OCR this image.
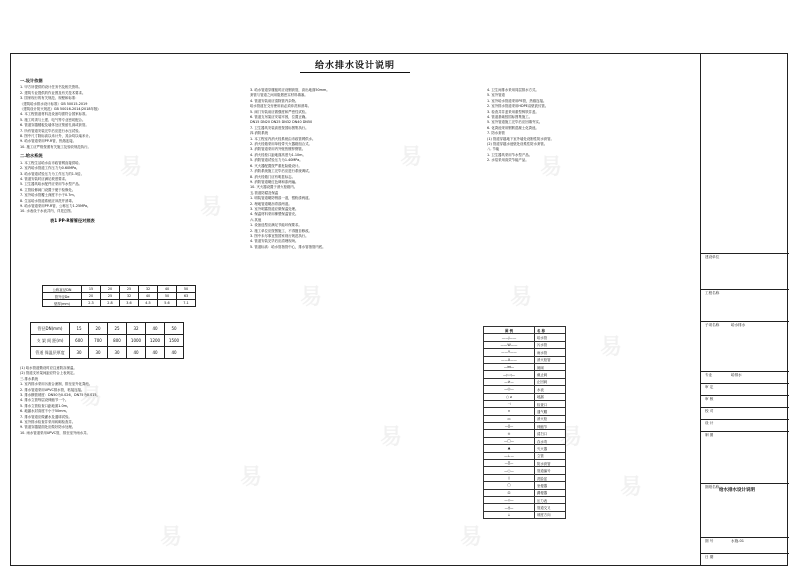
给水排水设计说明
一.设计依据
1. 甲方所提供的设计任务书及相关资料。
2. 建筑专业提供的作业图及有关技术要求。
3. 国家现行的有关规范、规程和标准：
《建筑给水排水设计标准》GB 50015-2019
《建筑设计防火规范》GB 50016-2014(2018年版)
4. 本工程管道材料及设备均需符合国家标准。
5. 施工时须与土建、电气等专业密切配合。
6. 管道穿越楼板及墙体处应预留孔洞或套管。
7. 所有管道安装完毕后应进行水压试验。
8. 图中尺寸除标高以米计外，其余均以毫米计。
9. 给水管道采用PP-R管，热熔连接。
10. 施工应严格按照有关施工及验收规范执行。
二.给水系统
1. 本工程生活给水由市政管网直接供给。
2. 室内给水管道工作压力为0.60MPa。
3. 给水管道试验压力为工作压力的1.5倍。
4. 管道安装时应满足坡度要求。
5. 卫生器具给水配件应采用节水型产品。
6. 立管检修阀门设置于便于检修处。
7. 室外给水管覆土深度不小于0.7m。
8. 生活给水管道系统应冲洗并消毒。
9. 给水管道采用PP-R管，公称压力1.25MPa。
10. 水表设于水表井内，详见总图。
表1 PP-R管管径对照表
公称直径DN	15	20	25	32	40	50
管外径De	20	25	32	40	50	63
壁厚(mm)	2.3	2.8	3.6	4.5	5.6	7.1
管径DN(mm)	15	20	25	32	40	50
支 架 间 距(m)	600	700	800	1000	1200	1500
管道 保温层厚度	30	30	30	40	40	40
(1) 给水管道敷设时应注意防冻保温。
(2) 管道支吊架间距应符合上表规定。
三.排水系统
1. 室内排水采用污废合流制，排至室外化粪池。
2. 排水管道采用UPVC排水管，粘接连接。
3. 排水横管坡度：DN50为0.026，DN75为0.015。
4. 排水立管每层设伸缩节一个。
5. 排水立管检查口距地面1.0m。
6. 地漏水封高度不小于50mm。
7. 排水管道应做灌水及通球试验。
8. 室外排水检查井采用砖砌检查井。
9. 管道穿越屋面处应做好防水处理。
10. 雨水管道采用UPVC管，排至室外雨水井。
3. 给水管道穿楼板时应设钢套管，高出地面50mm。
套管与管道之间用阻燃密实材料填塞。
4. 管道安装前应清除管内杂物。
给水管道在交付使用前必须冲洗和消毒。
5. 阀门安装前应做强度和严密性试验。
6. 管道支吊架应安装牢固，位置正确。
DN15 DN20 DN25 DN32 DN40 DN50
7. 卫生器具安装高度按国标图集执行。
四.消防系统
1. 本工程室内消火栓系统由市政管网供水。
2. 消火栓箱采用单栓带灭火器箱组合式。
3. 消防管道采用内外壁热镀锌钢管。
4. 消火栓栓口距地面高度为1.10m。
5. 消防管道试验压力为1.40MPa。
6. 灭火器配置按严重危险级设计。
7. 消防系统施工完毕后应进行系统调试。
8. 消火栓箱门应有明显标志。
9. 消防管道刷红色调和漆两遍。
10. 灭火器设置于消火栓箱内。
五.管道防腐及保温
1. 明装管道刷防锈漆一道，银粉漆两道。
2. 埋地管道刷沥青漆两道。
3. 室外明露管道应做保温处理。
4. 保温材料采用橡塑保温管壳。
六.其他
1. 设备选型应满足节能环保要求。
2. 施工单位应按图施工，不得擅自修改。
3. 图中未尽事宜按国家现行规范执行。
4. 管道安装完毕后应清理现场。
5. 管道标高：给水管指管中心，排水管指管内底。
4. 卫生间排水采用同层排水方式。
5. 室外管道
1. 室外给水管道采用PE管，热熔连接。
2. 室外排水管道采用HDPE双壁波纹管。
3. 检查井井盖采用重型铸铁井盖。
4. 管道基础按国标图集施工。
5. 室外管道施工完毕后应回填夯实。
6. 化粪池采用钢筋混凝土化粪池。
7. 防水套管
(1) 管道穿越地下室外墙处设刚性防水套管。
(2) 管道穿越水池壁处设柔性防水套管。
八. 节能
1. 卫生器具采用节水型产品。
2. 水泵采用高效节能产品。
图 例	名 称
——J——	给水管
——W——	污水管
——Y——	雨水管
——X——	消火栓管
—⋈—	闸阀
—▷◁—	截止阀
—⊘—	止回阀
—◎—	水表
○ ⌀	地漏
⊣	检查口
∩	通气帽
▭	消火栓
—‖—	伸缩节
⊙	清扫口
—□—	存水弯
▲	灭火器
—⊥—	立管
—╳—	防水套管
—○—	管道编号
▯	洗脸盆
▢	坐便器
⊡	蹲便器
—◇—	压力表
—┼—	管道交叉
↓	坡度方向
建设单位
工程名称
子项名称	给水排水
专业	给排水
审 定
审 核
校 对
设 计
制 图
图纸名称
给水排水设计说明
图 号	水施-01
日 期
易
易
易
易
易
易
易
易
易
易	易
易	易
易
